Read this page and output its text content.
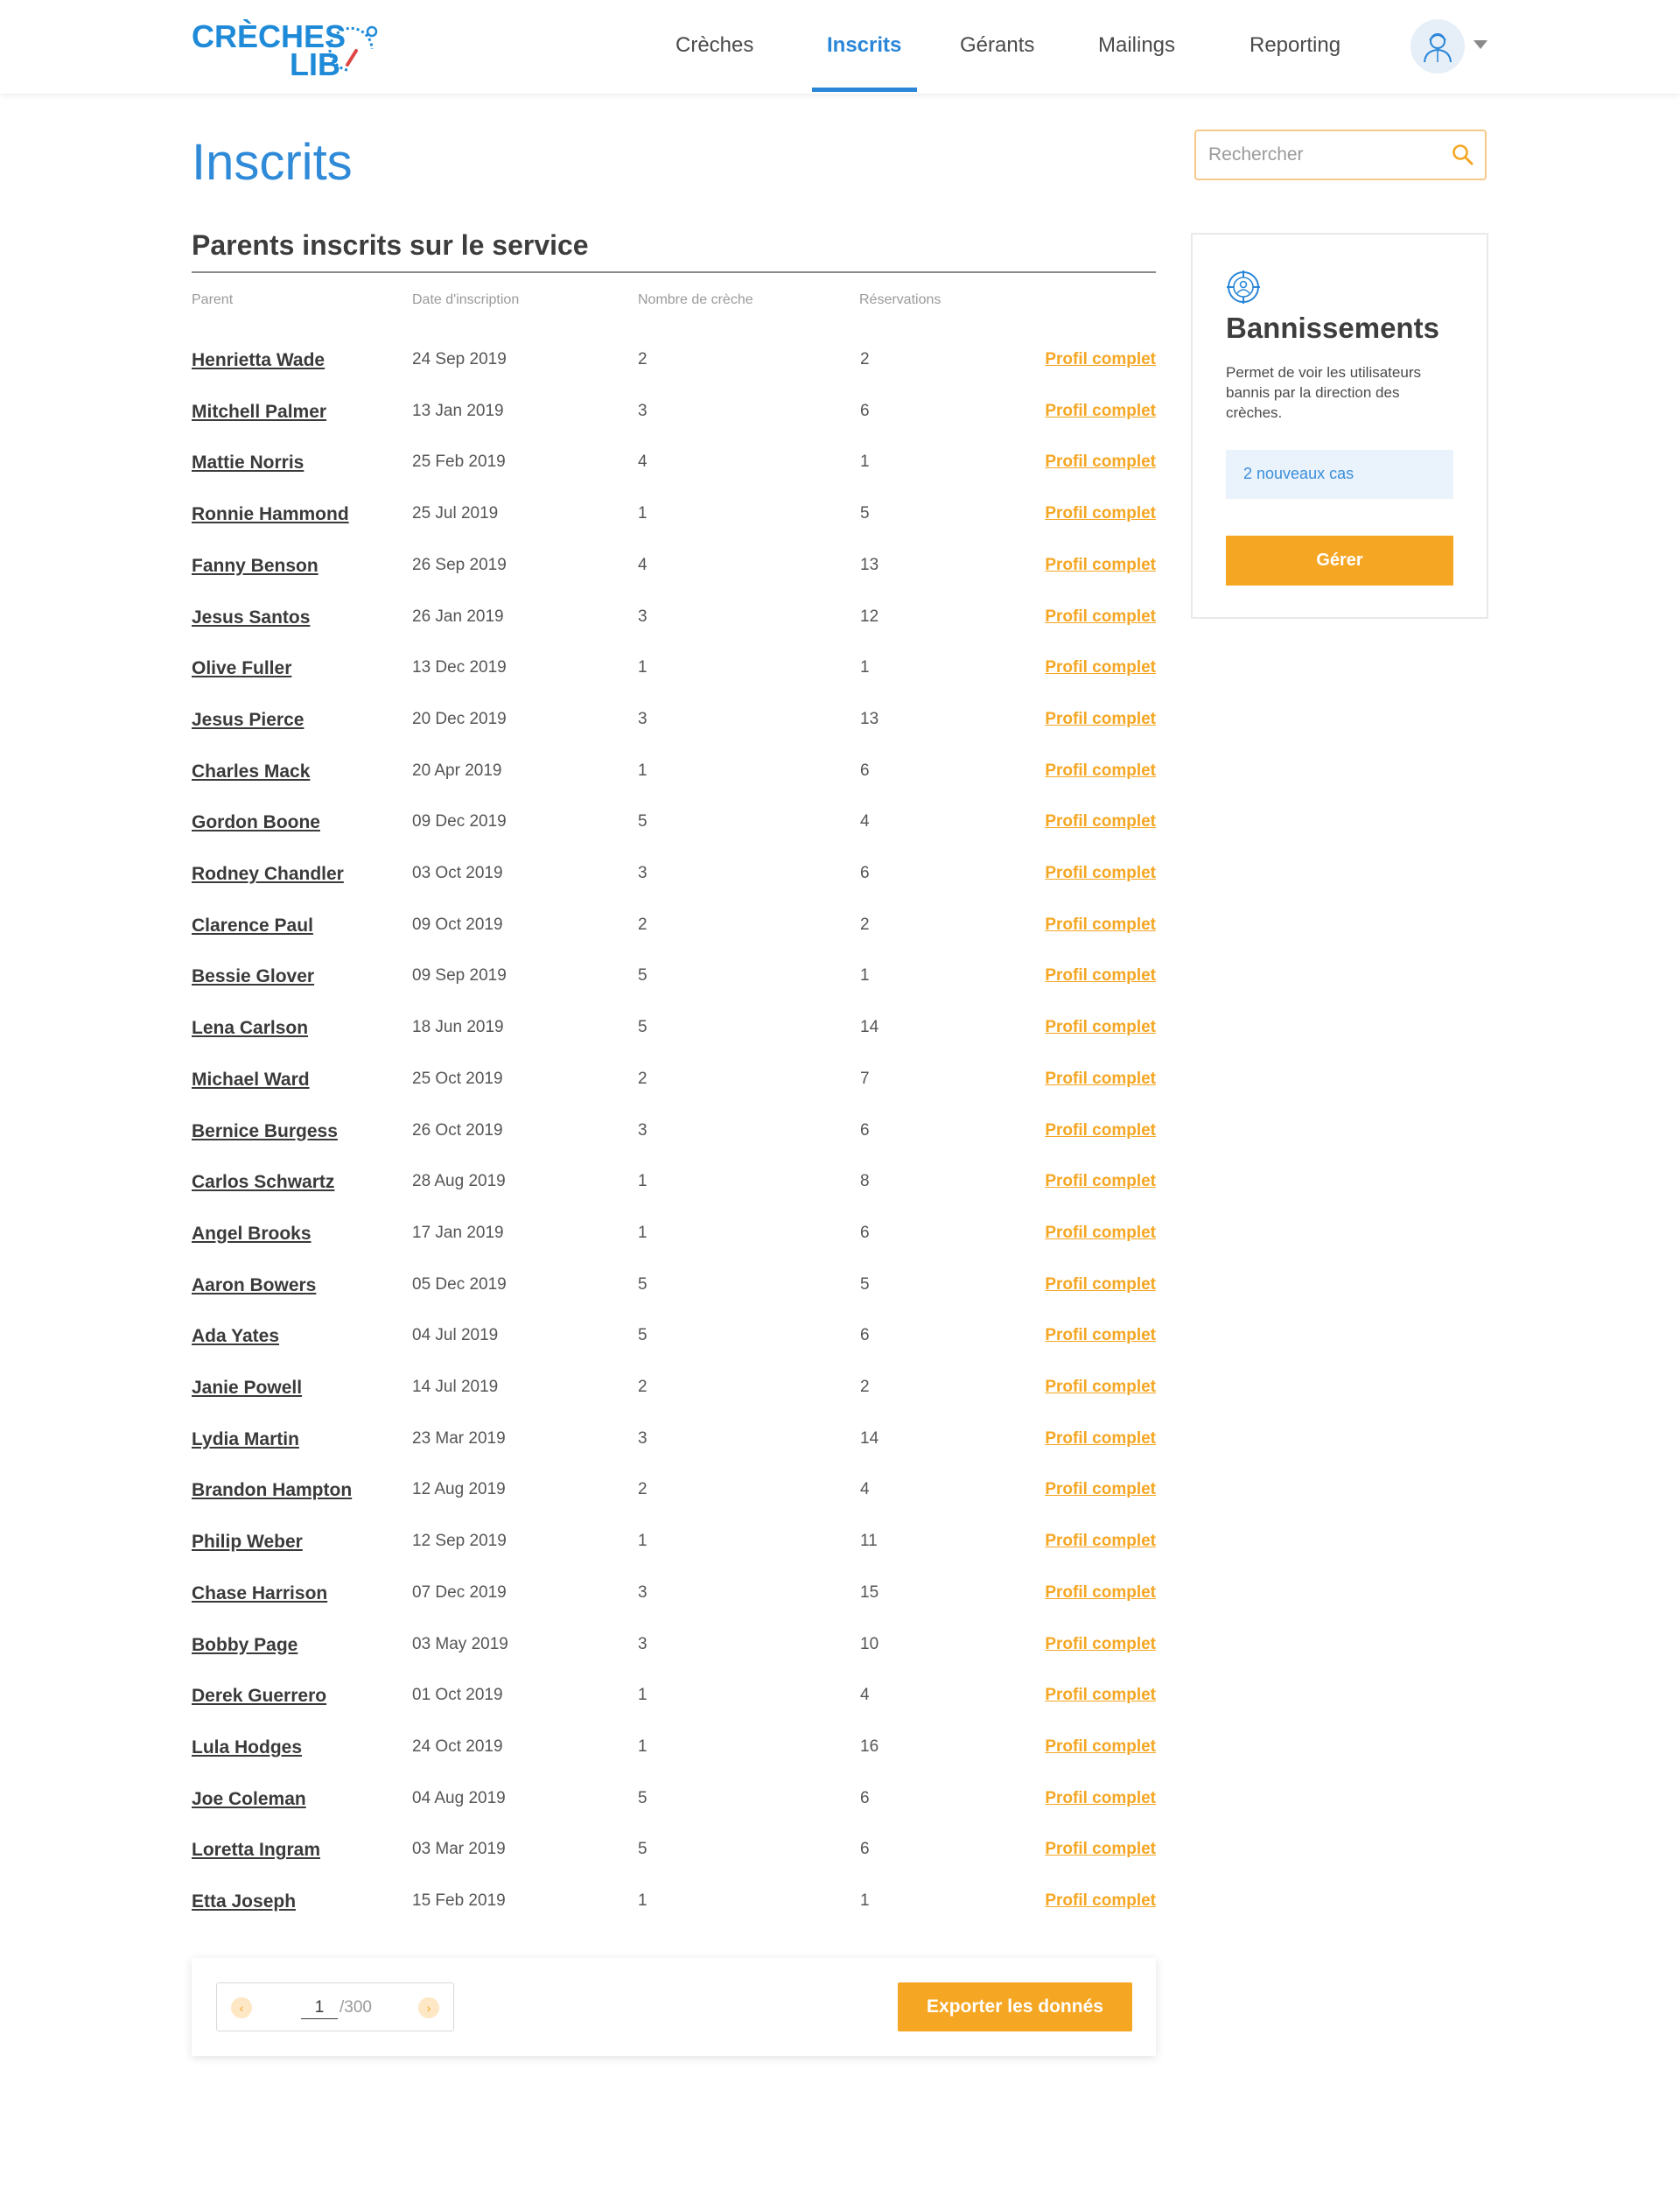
CRÈCHES
LIB
Crèches	Inscrits	Gérants	Mailings	Reporting
Inscrits
Rechercher
Parents inscrits sur le service
Parent	Date d'inscription	Nombre de crèche	Réservations
Henrietta Wade	24 Sep 2019	2	2	Profil complet
Mitchell Palmer	13 Jan 2019	3	6	Profil complet
Mattie Norris	25 Feb 2019	4	1	Profil complet
Ronnie Hammond	25 Jul 2019	1	5	Profil complet
Fanny Benson	26 Sep 2019	4	13	Profil complet
Jesus Santos	26 Jan 2019	3	12	Profil complet
Olive Fuller	13 Dec 2019	1	1	Profil complet
Jesus Pierce	20 Dec 2019	3	13	Profil complet
Charles Mack	20 Apr 2019	1	6	Profil complet
Gordon Boone	09 Dec 2019	5	4	Profil complet
Rodney Chandler	03 Oct 2019	3	6	Profil complet
Clarence Paul	09 Oct 2019	2	2	Profil complet
Bessie Glover	09 Sep 2019	5	1	Profil complet
Lena Carlson	18 Jun 2019	5	14	Profil complet
Michael Ward	25 Oct 2019	2	7	Profil complet
Bernice Burgess	26 Oct 2019	3	6	Profil complet
Carlos Schwartz	28 Aug 2019	1	8	Profil complet
Angel Brooks	17 Jan 2019	1	6	Profil complet
Aaron Bowers	05 Dec 2019	5	5	Profil complet
Ada Yates	04 Jul 2019	5	6	Profil complet
Janie Powell	14 Jul 2019	2	2	Profil complet
Lydia Martin	23 Mar 2019	3	14	Profil complet
Brandon Hampton	12 Aug 2019	2	4	Profil complet
Philip Weber	12 Sep 2019	1	11	Profil complet
Chase Harrison	07 Dec 2019	3	15	Profil complet
Bobby Page	03 May 2019	3	10	Profil complet
Derek Guerrero	01 Oct 2019	1	4	Profil complet
Lula Hodges	24 Oct 2019	1	16	Profil complet
Joe Coleman	04 Aug 2019	5	6	Profil complet
Loretta Ingram	03 Mar 2019	5	6	Profil complet
Etta Joseph	15 Feb 2019	1	1	Profil complet
‹
1	/300	›	Exporter les donnés
Bannissements
Permet de voir les utilisateurs bannis par la direction des crèches.
2 nouveaux cas
Gérer
